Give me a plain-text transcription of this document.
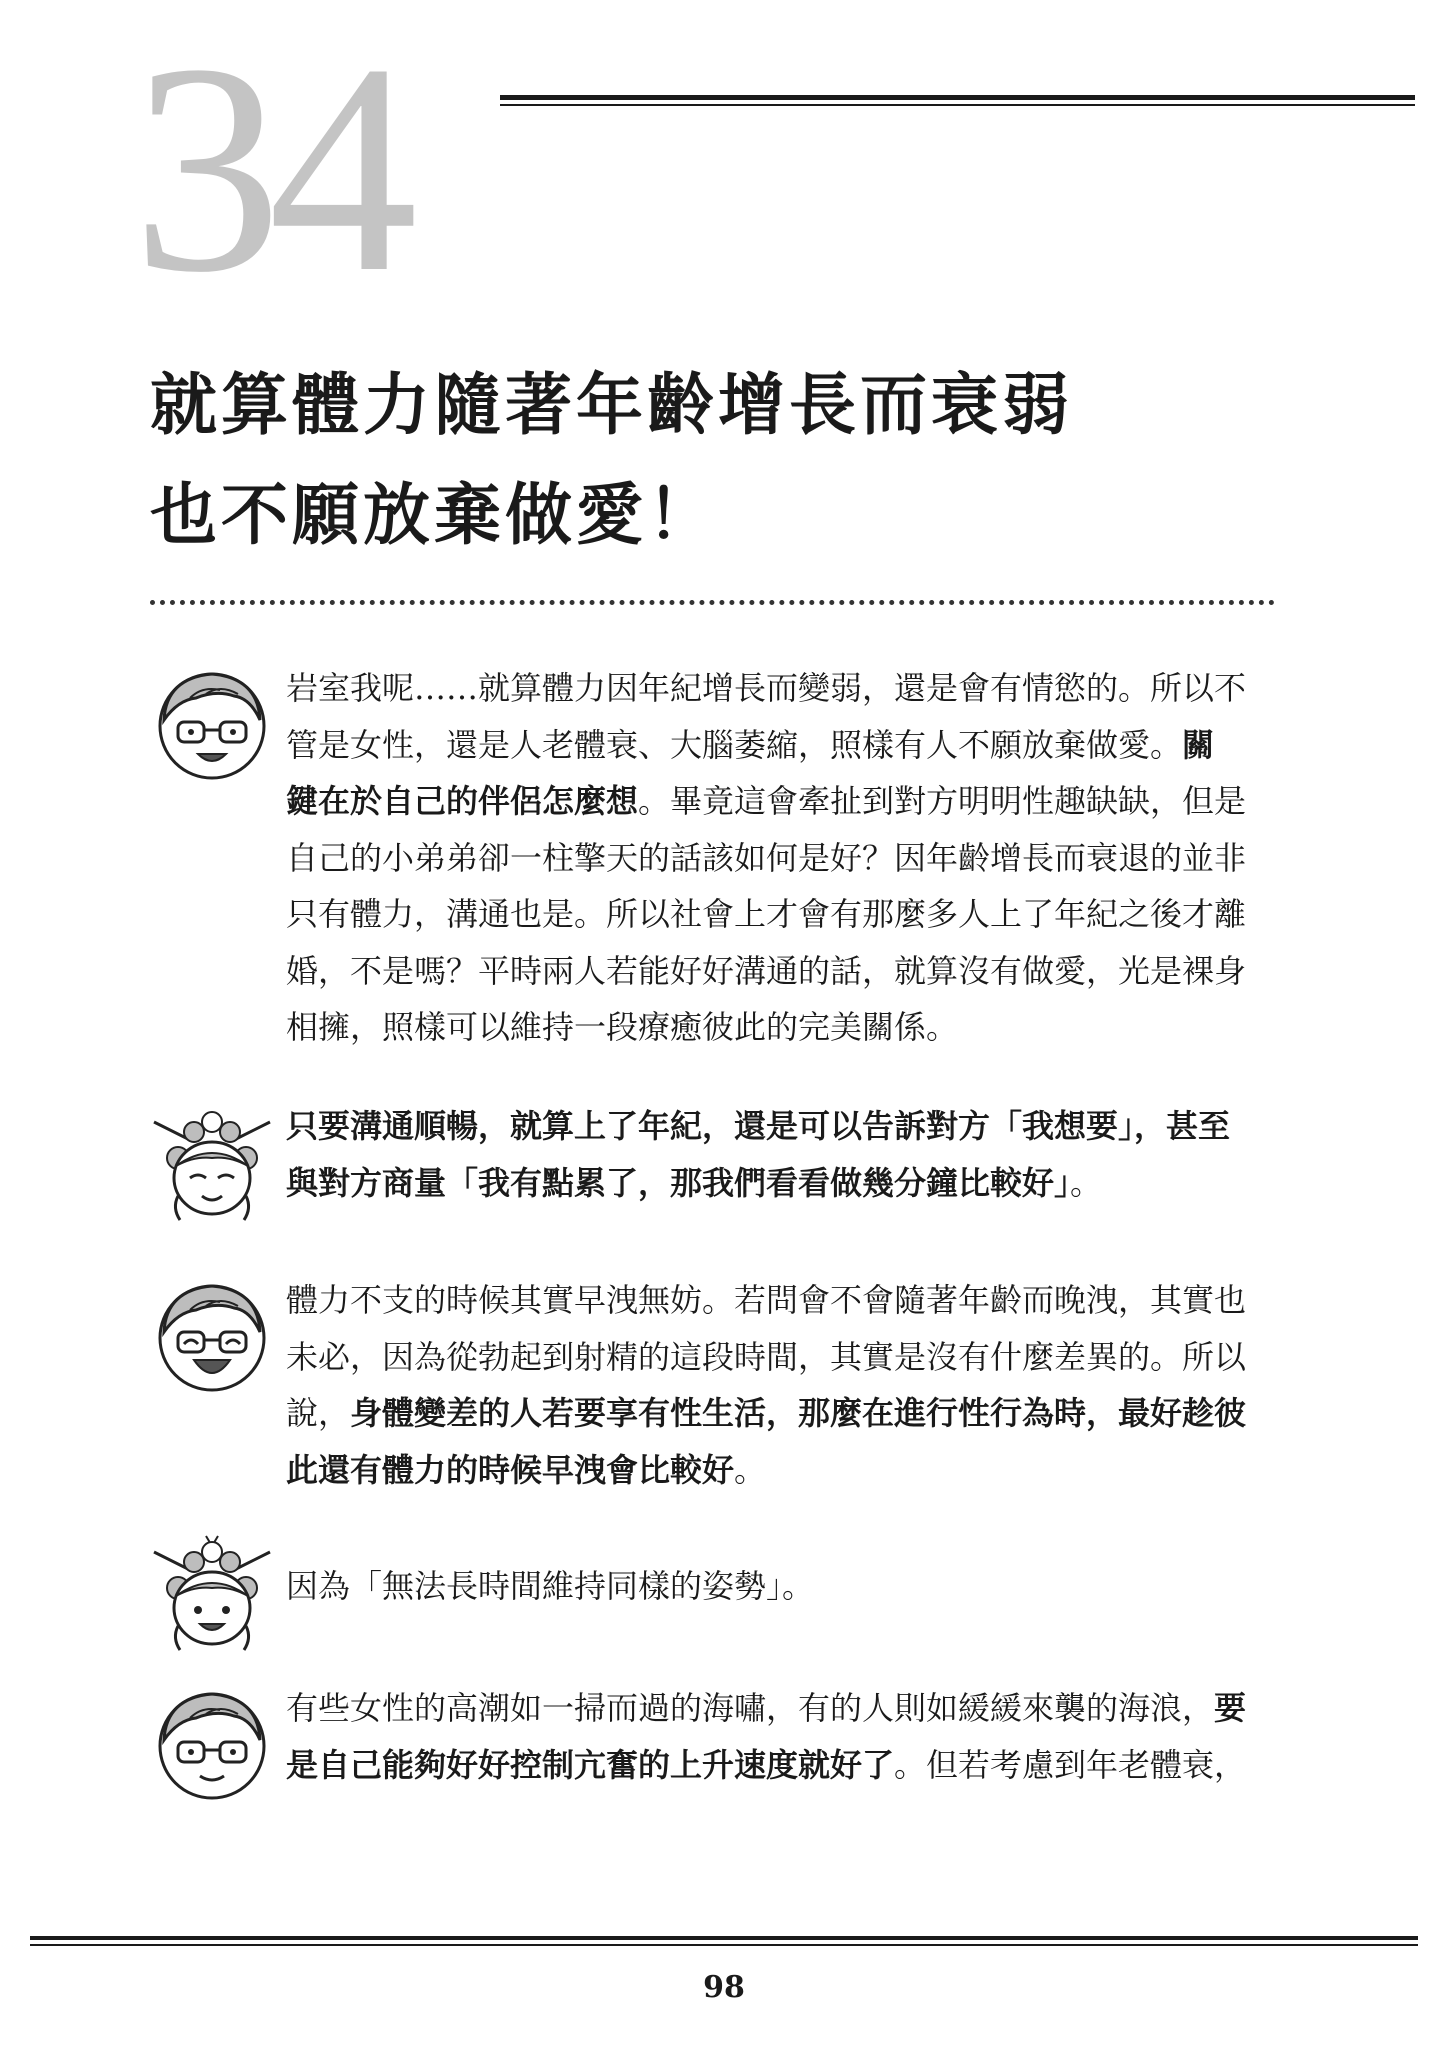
34
就算體力隨著年齡增長而衰弱
也不願放棄做愛！
岩室我呢……就算體力因年紀增長而變弱，還是會有情慾的。所以不
管是女性，還是人老體衰、大腦萎縮，照樣有人不願放棄做愛。關
鍵在於自己的伴侶怎麼想。畢竟這會牽扯到對方明明性趣缺缺，但是
自己的小弟弟卻一柱擎天的話該如何是好？因年齡增長而衰退的並非
只有體力，溝通也是。所以社會上才會有那麼多人上了年紀之後才離
婚，不是嗎？平時兩人若能好好溝通的話，就算沒有做愛，光是裸身
相擁，照樣可以維持一段療癒彼此的完美關係。
只要溝通順暢，就算上了年紀，還是可以告訴對方「我想要」，甚至
與對方商量「我有點累了，那我們看看做幾分鐘比較好」。
體力不支的時候其實早洩無妨。若問會不會隨著年齡而晚洩，其實也
未必，因為從勃起到射精的這段時間，其實是沒有什麼差異的。所以
說，身體變差的人若要享有性生活，那麼在進行性行為時，最好趁彼
此還有體力的時候早洩會比較好。
因為「無法長時間維持同樣的姿勢」。
有些女性的高潮如一掃而過的海嘯，有的人則如緩緩來襲的海浪，要
是自己能夠好好控制亢奮的上升速度就好了。但若考慮到年老體衰，
98
